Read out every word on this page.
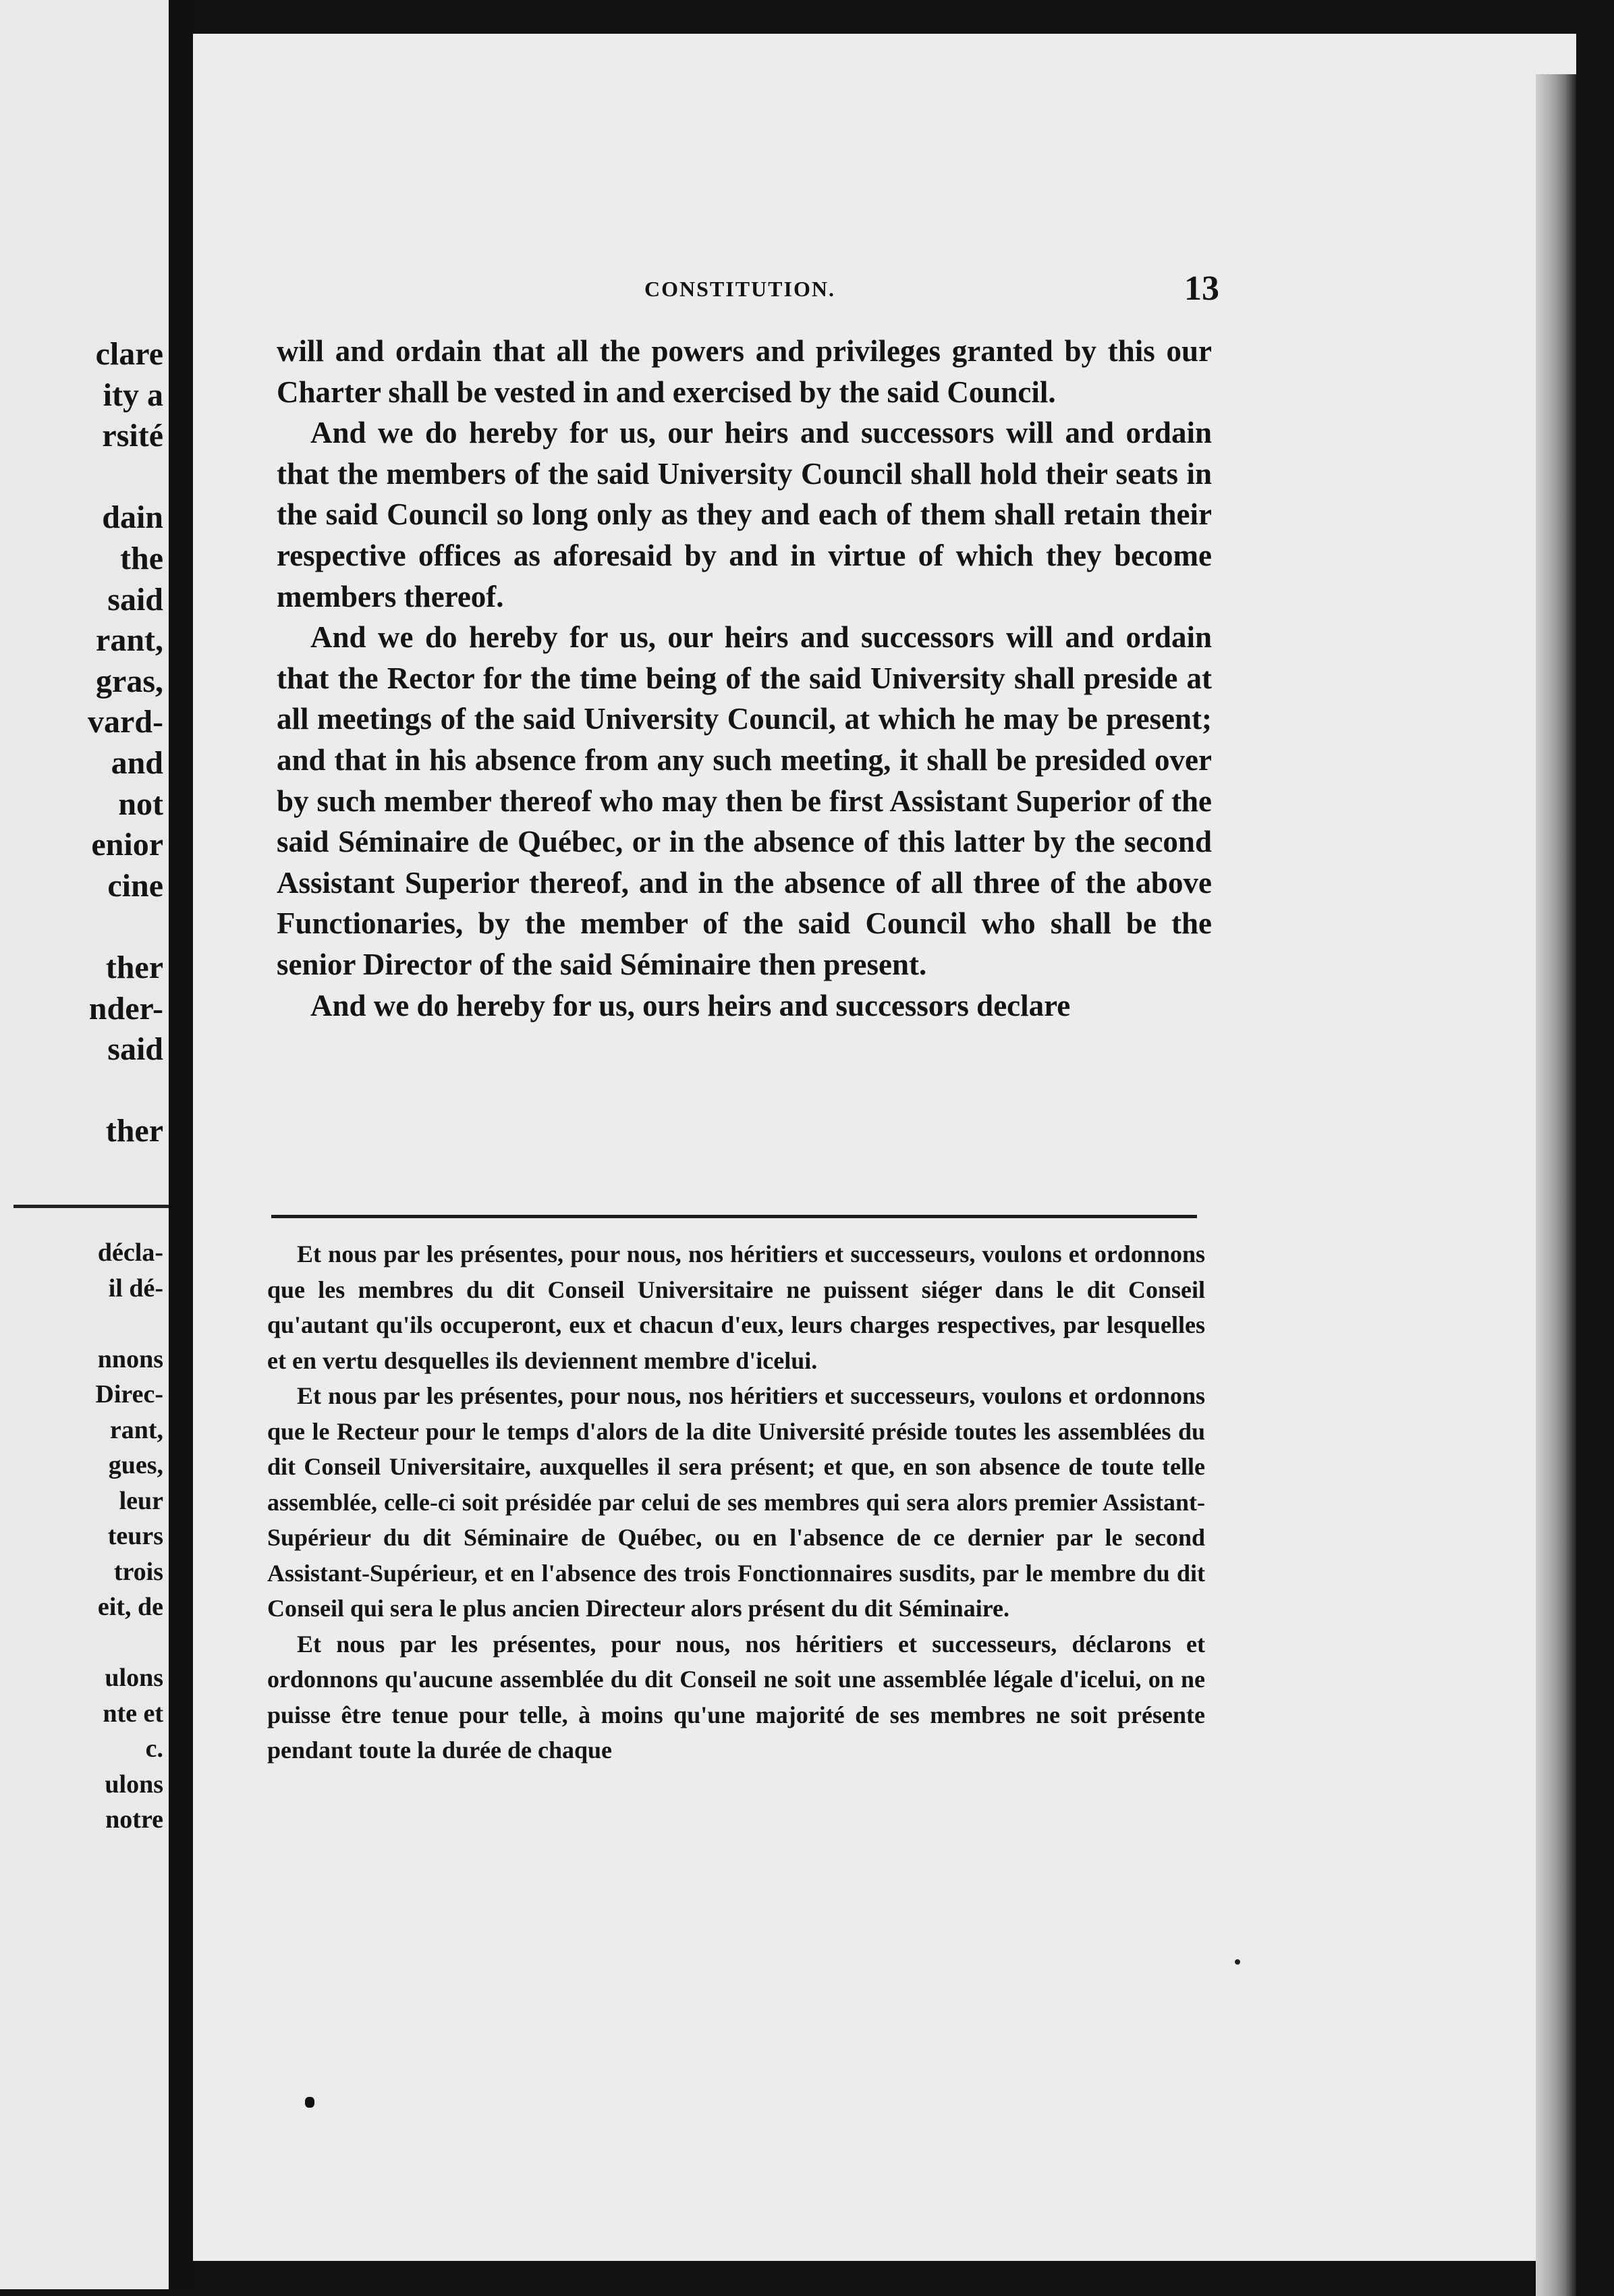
clare
ity a
rsité
dain
the
said
rant,
gras,
vard-
and
not
enior
cine
ther
nder-
said
ther
décla-
il dé-
nnons
Direc-
rant,
gues,
leur
teurs
trois
eit, de
ulons
nte et
c.
ulons
notre
CONSTITUTION.	13

will and ordain that all the powers and privileges granted by this our Charter shall be vested in and exercised by the said Council.

And we do hereby for us, our heirs and successors will and ordain that the members of the said University Council shall hold their seats in the said Council so long only as they and each of them shall retain their respective offices as aforesaid by and in virtue of which they become members thereof.

And we do hereby for us, our heirs and successors will and ordain that the Rector for the time being of the said University shall preside at all meetings of the said University Council, at which he may be present; and that in his absence from any such meeting, it shall be presided over by such member thereof who may then be first Assistant Superior of the said Séminaire de Québec, or in the absence of this latter by the second Assistant Superior thereof, and in the absence of all three of the above Functionaries, by the member of the said Council who shall be the senior Director of the said Séminaire then present.

And we do hereby for us, ours heirs and successors declare

Et nous par les présentes, pour nous, nos héritiers et successeurs, voulons et ordonnons que les membres du dit Conseil Universitaire ne puissent siéger dans le dit Conseil qu'autant qu'ils occuperont, eux et chacun d'eux, leurs charges respectives, par lesquelles et en vertu desquelles ils deviennent membre d'icelui.

Et nous par les présentes, pour nous, nos héritiers et successeurs, voulons et ordonnons que le Recteur pour le temps d'alors de la dite Université préside toutes les assemblées du dit Conseil Universitaire, auxquelles il sera présent; et que, en son absence de toute telle assemblée, celle-ci soit présidée par celui de ses membres qui sera alors premier Assistant-Supérieur du dit Séminaire de Québec, ou en l'absence de ce dernier par le second Assistant-Supérieur, et en l'absence des trois Fonctionnaires susdits, par le membre du dit Conseil qui sera le plus ancien Directeur alors présent du dit Séminaire.

Et nous par les présentes, pour nous, nos héritiers et successeurs, déclarons et ordonnons qu'aucune assemblée du dit Conseil ne soit une assemblée légale d'icelui, on ne puisse être tenue pour telle, à moins qu'une majorité de ses membres ne soit présente pendant toute la durée de chaque
